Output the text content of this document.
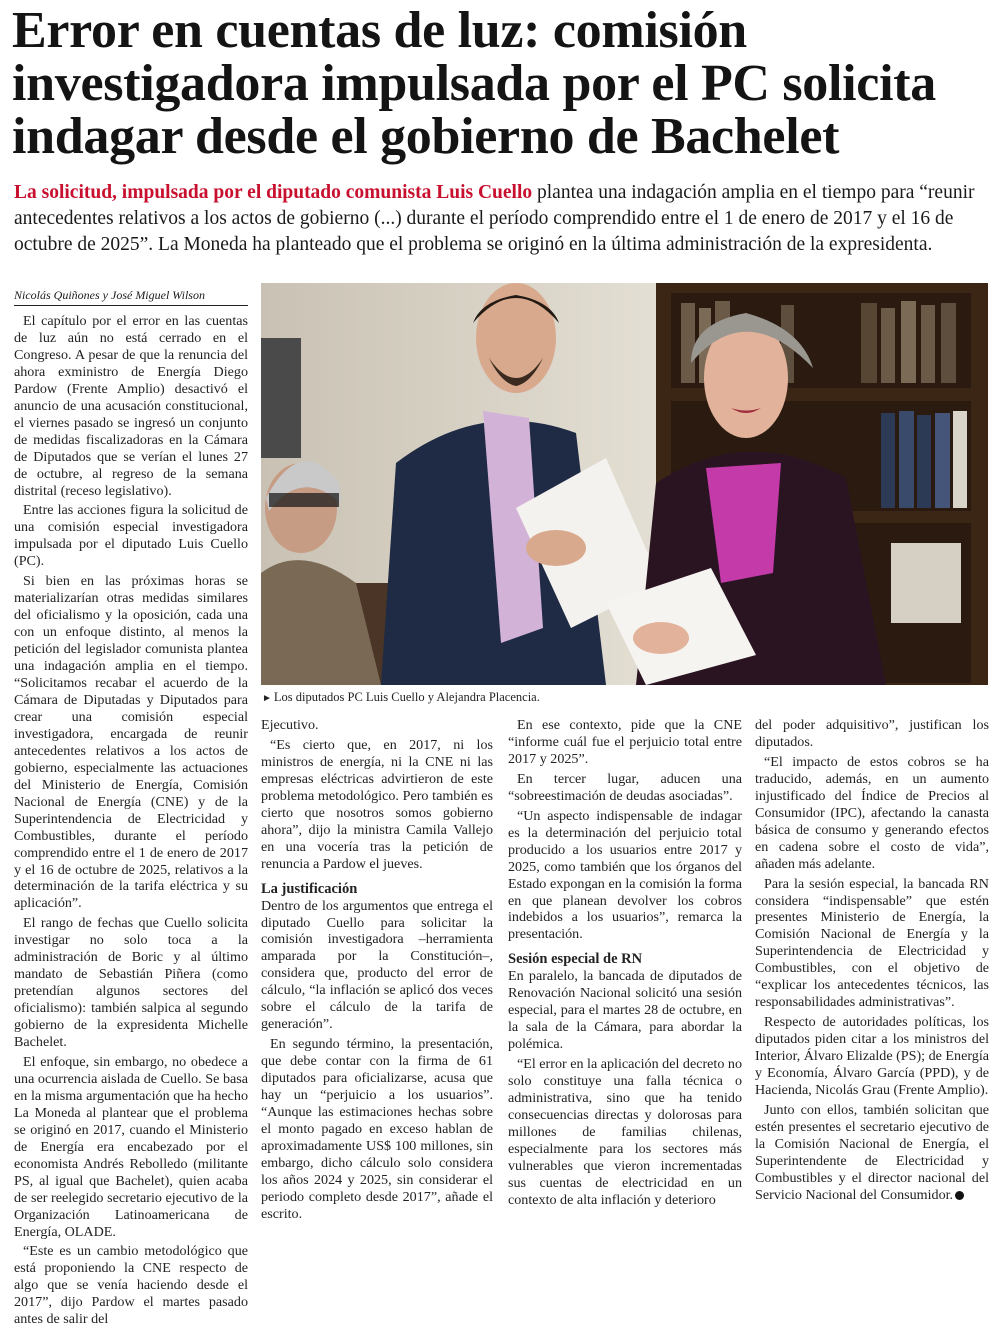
Error en cuentas de luz: comisión investigadora impulsada por el PC solicita indagar desde el gobierno de Bachelet

La solicitud, impulsada por el diputado comunista Luis Cuello plantea una indagación amplia en el tiempo para “reunir antecedentes relativos a los actos de gobierno (...) durante el período comprendido entre el 1 de enero de 2017 y el 16 de octubre de 2025”. La Moneda ha planteado que el problema se originó en la última administración de la expresidenta.

Nicolás Quiñones y José Miguel Wilson

El capítulo por el error en las cuentas de luz aún no está cerrado en el Congreso. A pesar de que la renuncia del ahora exministro de Energía Diego Pardow (Frente Amplio) desactivó el anuncio de una acusación constitucional, el viernes pasado se ingresó un conjunto de medidas fiscalizadoras en la Cámara de Diputados que se verían el lunes 27 de octubre, al regreso de la semana distrital (receso legislativo).

Entre las acciones figura la solicitud de una comisión especial investigadora impulsada por el diputado Luis Cuello (PC).

Si bien en las próximas horas se materializarían otras medidas similares del oficialismo y la oposición, cada una con un enfoque distinto, al menos la petición del legislador comunista plantea una indagación amplia en el tiempo. “Solicitamos recabar el acuerdo de la Cámara de Diputadas y Diputados para crear una comisión especial investigadora, encargada de reunir antecedentes relativos a los actos de gobierno, especialmente las actuaciones del Ministerio de Energía, Comisión Nacional de Energía (CNE) y de la Superintendencia de Electricidad y Combustibles, durante el período comprendido entre el 1 de enero de 2017 y el 16 de octubre de 2025, relativos a la determinación de la tarifa eléctrica y su aplicación”.

El rango de fechas que Cuello solicita investigar no solo toca a la administración de Boric y al último mandato de Sebastián Piñera (como pretendían algunos sectores del oficialismo): también salpica al segundo gobierno de la expresidenta Michelle Bachelet.

El enfoque, sin embargo, no obedece a una ocurrencia aislada de Cuello. Se basa en la misma argumentación que ha hecho La Moneda al plantear que el problema se originó en 2017, cuando el Ministerio de Energía era encabezado por el economista Andrés Rebolledo (militante PS, al igual que Bachelet), quien acaba de ser reelegido secretario ejecutivo de la Organización Latinoamericana de Energía, OLADE.

“Este es un cambio metodológico que está proponiendo la CNE respecto de algo que se venía haciendo desde el 2017”, dijo Pardow el martes pasado antes de salir del

► Los diputados PC Luis Cuello y Alejandra Placencia.

Ejecutivo.

“Es cierto que, en 2017, ni los ministros de energía, ni la CNE ni las empresas eléctricas advirtieron de este problema metodológico. Pero también es cierto que nosotros somos gobierno ahora”, dijo la ministra Camila Vallejo en una vocería tras la petición de renuncia a Pardow el jueves.

La justificación

Dentro de los argumentos que entrega el diputado Cuello para solicitar la comisión investigadora –herramienta amparada por la Constitución–, considera que, producto del error de cálculo, “la inflación se aplicó dos veces sobre el cálculo de la tarifa de generación”.

En segundo término, la presentación, que debe contar con la firma de 61 diputados para oficializarse, acusa que hay un “perjuicio a los usuarios”. “Aunque las estimaciones hechas sobre el monto pagado en exceso hablan de aproximadamente US$ 100 millones, sin embargo, dicho cálculo solo considera los años 2024 y 2025, sin considerar el periodo completo desde 2017”, añade el escrito.

En ese contexto, pide que la CNE “informe cuál fue el perjuicio total entre 2017 y 2025”.

En tercer lugar, aducen una “sobreestimación de deudas asociadas”.

“Un aspecto indispensable de indagar es la determinación del perjuicio total producido a los usuarios entre 2017 y 2025, como también que los órganos del Estado expongan en la comisión la forma en que planean devolver los cobros indebidos a los usuarios”, remarca la presentación.

Sesión especial de RN

En paralelo, la bancada de diputados de Renovación Nacional solicitó una sesión especial, para el martes 28 de octubre, en la sala de la Cámara, para abordar la polémica.

“El error en la aplicación del decreto no solo constituye una falla técnica o administrativa, sino que ha tenido consecuencias directas y dolorosas para millones de familias chilenas, especialmente para los sectores más vulnerables que vieron incrementadas sus cuentas de electricidad en un contexto de alta inflación y deterioro

del poder adquisitivo”, justifican los diputados.

“El impacto de estos cobros se ha traducido, además, en un aumento injustificado del Índice de Precios al Consumidor (IPC), afectando la canasta básica de consumo y generando efectos en cadena sobre el costo de vida”, añaden más adelante.

Para la sesión especial, la bancada RN considera “indispensable” que estén presentes Ministerio de Energía, la Comisión Nacional de Energía y la Superintendencia de Electricidad y Combustibles, con el objetivo de “explicar los antecedentes técnicos, las responsabilidades administrativas”.

Respecto de autoridades políticas, los diputados piden citar a los ministros del Interior, Álvaro Elizalde (PS); de Energía y Economía, Álvaro García (PPD), y de Hacienda, Nicolás Grau (Frente Amplio).

Junto con ellos, también solicitan que estén presentes el secretario ejecutivo de la Comisión Nacional de Energía, el Superintendente de Electricidad y Combustibles y el director nacional del Servicio Nacional del Consumidor.
